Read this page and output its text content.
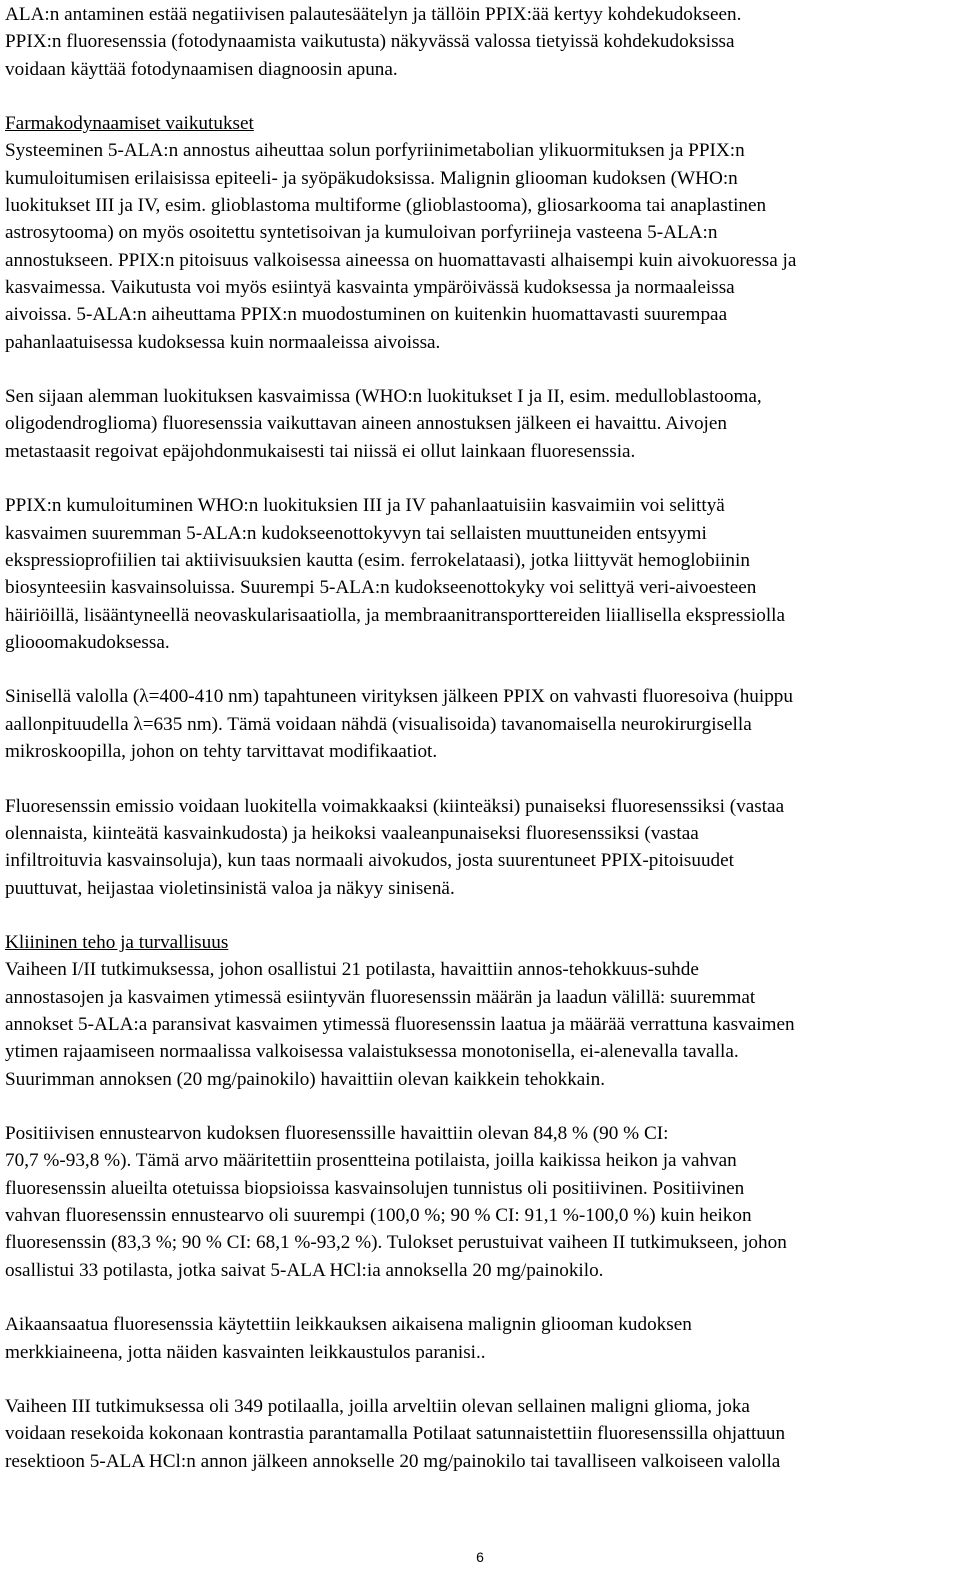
ALA:n antaminen estää negatiivisen palautesäätelyn ja tällöin PPIX:ää kertyy kohdekudokseen.
PPIX:n fluoresenssia (fotodynaamista vaikutusta) näkyvässä valossa tietyissä kohdekudoksissa
voidaan käyttää fotodynaamisen diagnoosin apuna.
Farmakodynaamiset vaikutukset
Systeeminen 5-ALA:n annostus aiheuttaa solun porfyriinimetabolian ylikuormituksen ja PPIX:n
kumuloitumisen erilaisissa epiteeli- ja syöpäkudoksissa. Malignin gliooman kudoksen (WHO:n
luokitukset III ja IV, esim. glioblastoma multiforme (glioblastooma), gliosarkooma tai anaplastinen
astrosytooma) on myös osoitettu syntetisoivan ja kumuloivan porfyriineja vasteena 5-ALA:n
annostukseen. PPIX:n pitoisuus valkoisessa aineessa on huomattavasti alhaisempi kuin aivokuoressa ja
kasvaimessa. Vaikutusta voi myös esiintyä kasvainta ympäröivässä kudoksessa ja normaaleissa
aivoissa. 5-ALA:n aiheuttama PPIX:n muodostuminen on kuitenkin huomattavasti suurempaa
pahanlaatuisessa kudoksessa kuin normaaleissa aivoissa.
Sen sijaan alemman luokituksen kasvaimissa (WHO:n luokitukset I ja II, esim. medulloblastooma,
oligodendroglioma) fluoresenssia vaikuttavan aineen annostuksen jälkeen ei havaittu. Aivojen
metastaasit regoivat epäjohdonmukaisesti tai niissä ei ollut lainkaan fluoresenssia.
PPIX:n kumuloituminen WHO:n luokituksien III ja IV pahanlaatuisiin kasvaimiin voi selittyä
kasvaimen suuremman 5-ALA:n kudokseenottokyvyn tai sellaisten muuttuneiden entsyymi
ekspressioprofiilien tai aktiivisuuksien kautta (esim. ferrokelataasi), jotka liittyvät hemoglobiinin
biosynteesiin kasvainsoluissa. Suurempi 5-ALA:n kudokseenottokyky voi selittyä veri-aivoesteen
häiriöillä, lisääntyneellä neovaskularisaatiolla, ja membraanitransporttereiden liiallisella ekspressiolla
gliooomakudoksessa.
Sinisellä valolla (λ=400-410 nm) tapahtuneen virityksen jälkeen PPIX on vahvasti fluoresoiva (huippu
aallonpituudella λ=635 nm). Tämä voidaan nähdä (visualisoida) tavanomaisella neurokirurgisella
mikroskoopilla, johon on tehty tarvittavat modifikaatiot.
Fluoresenssin emissio voidaan luokitella voimakkaaksi (kiinteäksi) punaiseksi fluoresenssiksi (vastaa
olennaista, kiinteätä kasvainkudosta) ja heikoksi vaaleanpunaiseksi fluoresenssiksi (vastaa
infiltroituvia kasvainsoluja), kun taas normaali aivokudos, josta suurentuneet PPIX-pitoisuudet
puuttuvat, heijastaa violetinsinistä valoa ja näkyy sinisenä.
Kliininen teho ja turvallisuus
Vaiheen I/II tutkimuksessa, johon osallistui 21 potilasta, havaittiin annos-tehokkuus-suhde
annostasojen ja kasvaimen ytimessä esiintyvän fluoresenssin määrän ja laadun välillä: suuremmat
annokset 5-ALA:a paransivat kasvaimen ytimessä fluoresenssin laatua ja määrää verrattuna kasvaimen
ytimen rajaamiseen normaalissa valkoisessa valaistuksessa monotonisella, ei-alenevalla tavalla.
Suurimman annoksen (20 mg/painokilo) havaittiin olevan kaikkein tehokkain.
Positiivisen ennustearvon kudoksen fluoresenssille havaittiin olevan 84,8 % (90 % CI:
70,7 %-93,8 %). Tämä arvo määritettiin prosentteina potilaista, joilla kaikissa heikon ja vahvan
fluoresenssin alueilta otetuissa biopsioissa kasvainsolujen tunnistus oli positiivinen. Positiivinen
vahvan fluoresenssin ennustearvo oli suurempi (100,0 %; 90 % CI: 91,1 %-100,0 %) kuin heikon
fluoresenssin (83,3 %; 90 % CI: 68,1 %-93,2 %). Tulokset perustuivat vaiheen II tutkimukseen, johon
osallistui 33 potilasta, jotka saivat 5-ALA HCl:ia annoksella 20 mg/painokilo.
Aikaansaatua fluoresenssia käytettiin leikkauksen aikaisena malignin gliooman kudoksen
merkkiaineena, jotta näiden kasvainten leikkaustulos paranisi..
Vaiheen III tutkimuksessa oli 349 potilaalla, joilla arveltiin olevan sellainen maligni glioma, joka
voidaan resekoida kokonaan kontrastia parantamalla Potilaat satunnaistettiin fluoresenssilla ohjattuun
resektioon 5-ALA HCl:n annon jälkeen annokselle 20 mg/painokilo tai tavalliseen valkoiseen valolla
6
